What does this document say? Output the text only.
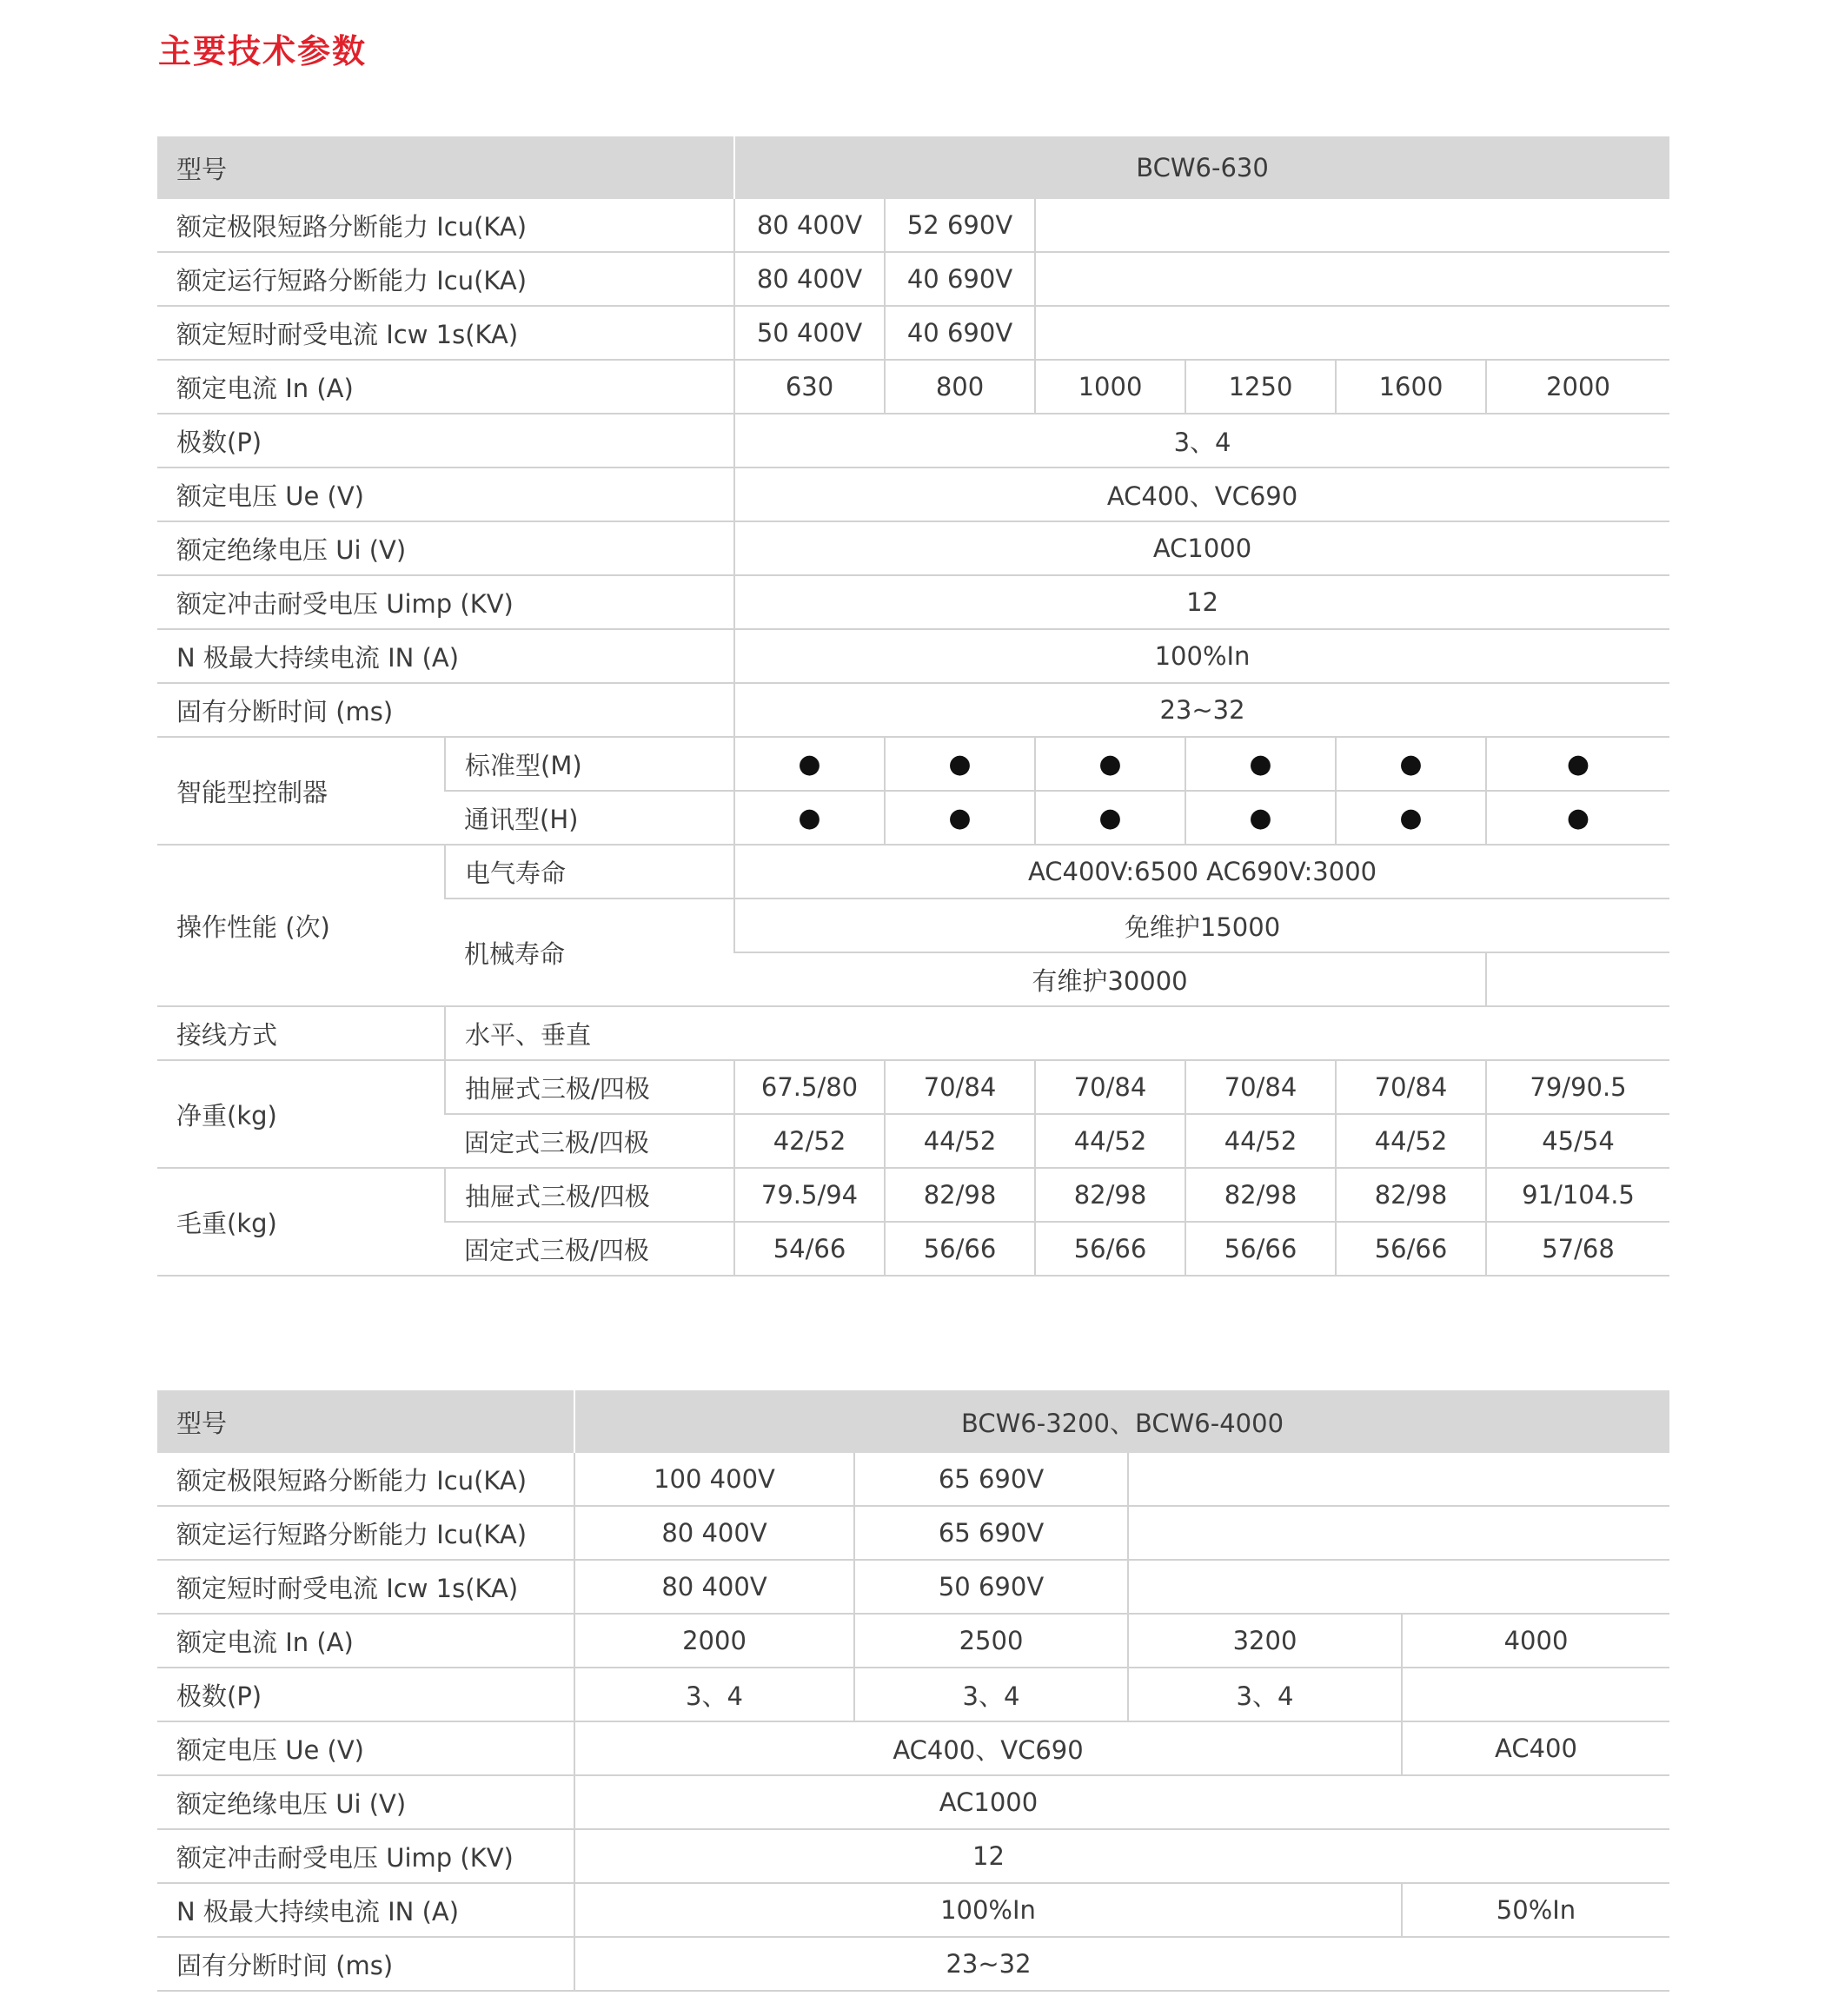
主要技术参数
型号		BCW6-630					
额定极限短路分断能力 Icu(KA)		80 400V	52 690V				
额定运行短路分断能力 Icu(KA)		80 400V	40 690V				
额定短时耐受电流 Icw 1s(KA)		50 400V	40 690V				
额定电流 In (A)		630	800	1000	1250	1600	2000
极数(P)		3、4					
额定电压 Ue (V)		AC400、VC690					
额定绝缘电压 Ui (V)		AC1000					
额定冲击耐受电压 Uimp (KV)		12					
N 极最大持续电流 IN (A)		100%In					
固有分断时间 (ms)		23~32					
智能型控制器	标准型(M)	●	●	●	●	●	●
	通讯型(H)	●	●	●	●	●	●
操作性能 (次)	电气寿命	AC400V:6500 AC690V:3000					
	机械寿命	免维护15000					
		有维护30000					
接线方式	水平、垂直						
净重(kg)	抽屉式三极/四极	67.5/80	70/84	70/84	70/84	70/84	79/90.5
	固定式三极/四极	42/52	44/52	44/52	44/52	44/52	45/54
毛重(kg)	抽屉式三极/四极	79.5/94	82/98	82/98	82/98	82/98	91/104.5
	固定式三极/四极	54/66	56/66	56/66	56/66	56/66	57/68
型号	BCW6-3200、BCW6-4000			
额定极限短路分断能力 Icu(KA)	100 400V	65 690V		
额定运行短路分断能力 Icu(KA)	80 400V	65 690V		
额定短时耐受电流 Icw 1s(KA)	80 400V	50 690V		
额定电流 In (A)	2000	2500	3200	4000
极数(P)	3、4	3、4	3、4	
额定电压 Ue (V)	AC400、VC690			AC400
额定绝缘电压 Ui (V)	AC1000			
额定冲击耐受电压 Uimp (KV)	12			
N 极最大持续电流 IN (A)	100%In			50%In
固有分断时间 (ms)	23~32			
